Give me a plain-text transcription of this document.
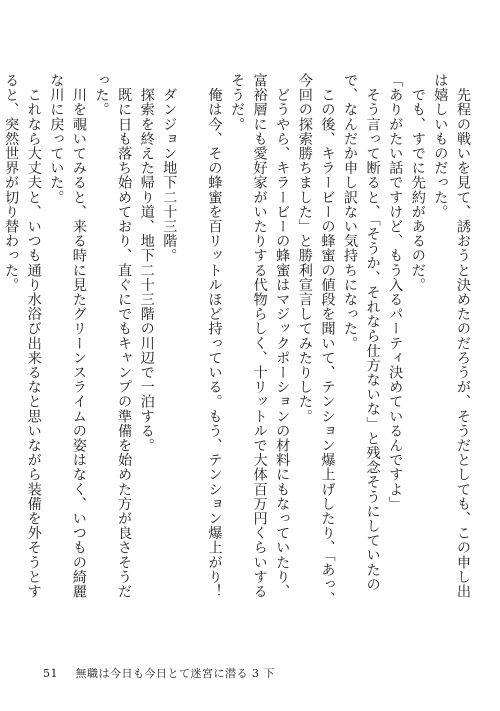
　先程の戦いを見て、誘おうと決めたのだろうが、そうだとしても、この申し出は嬉しいものだった。

　でも、すでに先約があるのだ。

「ありがたい話ですけど、もう入るパーティ決めているんですよ」

　そう言って断ると、「そうか、それなら仕方ないな」と残念そうにしていたので、なんだか申し訳ない気持ちになった。

　この後、キラービーの蜂蜜の値段を聞いて、テンション爆上げしたり、「あっ、今回の探索勝ちました」と勝利宣言してみたりした。

　どうやら、キラービーの蜂蜜はマジックポーションの材料にもなっていたり、富裕層にも愛好家がいたりする代物らしく、十リットルで大体百万円くらいするそうだ。

　俺は今、その蜂蜜を百リットルほど持っている。もう、テンション爆上がり！

　ダンジョン地下二十三階。

　探索を終えた帰り道、地下二十三階の川辺で一泊する。

　既に日も落ち始めており、直ぐにでもキャンプの準備を始めた方が良さそうだった。

　川を覗いてみると、来る時に見たグリーンスライムの姿はなく、いつもの綺麗な川に戻っていた。

　これなら大丈夫と、いつも通り水浴び出来るなと思いながら装備を外そうとすると、突然世界が切り替わった。

51 無職は今日も今日とて迷宮に潜る 3 下
